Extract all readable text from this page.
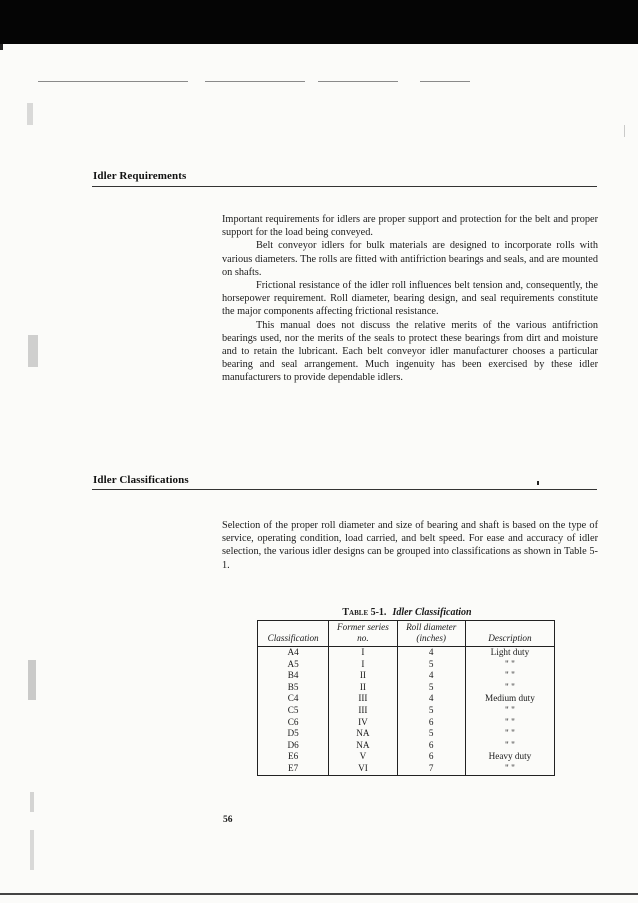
Idler Requirements

Important requirements for idlers are proper support and protection for the belt and proper support for the load being conveyed.

Belt conveyor idlers for bulk materials are designed to incorporate rolls with various diameters. The rolls are fitted with antifriction bearings and seals, and are mounted on shafts.

Frictional resistance of the idler roll influences belt tension and, consequently, the horsepower requirement. Roll diameter, bearing design, and seal requirements constitute the major components affecting frictional resistance.

This manual does not discuss the relative merits of the various antifriction bearings used, nor the merits of the seals to protect these bearings from dirt and moisture and to retain the lubricant. Each belt conveyor idler manufacturer chooses a particular bearing and seal arrangement. Much ingenuity has been exercised by these idler manufacturers to provide dependable idlers.

Idler Classifications

Selection of the proper roll diameter and size of bearing and shaft is based on the type of service, operating condition, load carried, and belt speed. For ease and accuracy of idler selection, the various idler designs can be grouped into classifications as shown in Table 5-1.

Table 5-1. Idler Classification
Classification	Former series no.	Roll diameter (inches)	Description
A4	I	4	Light duty
A5	I	5	" "
B4	II	4	" "
B5	II	5	" "
C4	III	4	Medium duty
C5	III	5	" "
C6	IV	6	" "
D5	NA	5	" "
D6	NA	6	" "
E6	V	6	Heavy duty
E7	VI	7	" "
56
